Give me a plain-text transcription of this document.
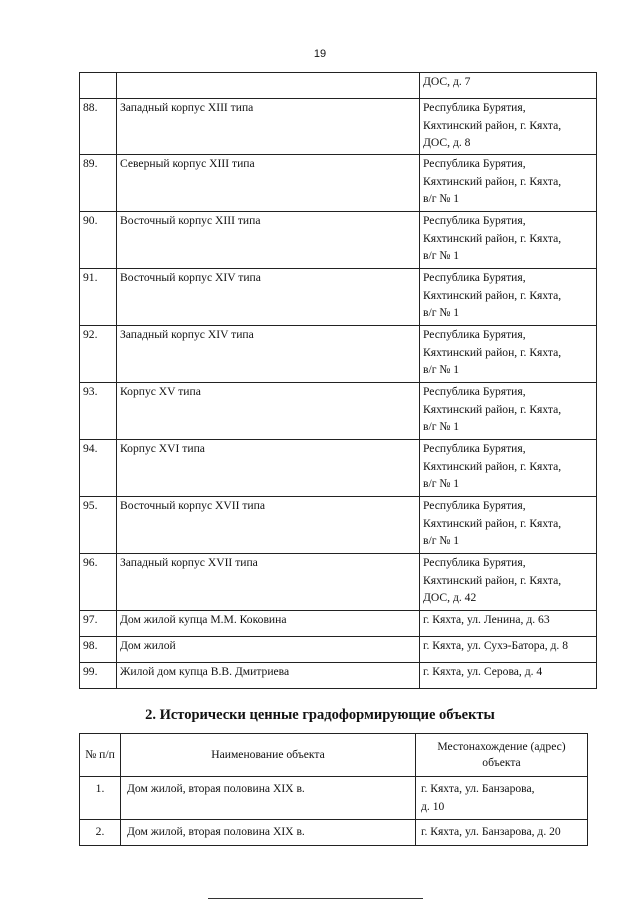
19

		ДОС, д. 7

88.	Западный корпус XIII типа	Республика Бурятия,
Кяхтинский район, г. Кяхта,
ДОС, д. 8

89.	Северный корпус XIII типа	Республика Бурятия,
Кяхтинский район, г. Кяхта,
в/г № 1

90.	Восточный корпус XIII типа	Республика Бурятия,
Кяхтинский район, г. Кяхта,
в/г № 1

91.	Восточный корпус XIV типа	Республика Бурятия,
Кяхтинский район, г. Кяхта,
в/г № 1

92.	Западный корпус XIV типа	Республика Бурятия,
Кяхтинский район, г. Кяхта,
в/г № 1

93.	Корпус XV типа	Республика Бурятия,
Кяхтинский район, г. Кяхта,
в/г № 1

94.	Корпус XVI типа	Республика Бурятия,
Кяхтинский район, г. Кяхта,
в/г № 1

95.	Восточный корпус XVII типа	Республика Бурятия,
Кяхтинский район, г. Кяхта,
в/г № 1

96.	Западный корпус XVII типа	Республика Бурятия,
Кяхтинский район, г. Кяхта,
ДОС, д. 42

97.	Дом жилой купца М.М. Коковина	г. Кяхта, ул. Ленина, д. 63

98.	Дом жилой	г. Кяхта, ул. Сухэ-Батора, д. 8

99.	Жилой дом купца В.В. Дмитриева	г. Кяхта, ул. Серова, д. 4
2. Исторически ценные градоформирующие объекты
№ п/п	Наименование объекта	Местонахождение (адрес)
объекта

1.	Дом жилой, вторая половина XIX в.	г. Кяхта, ул. Банзарова,
д. 10

2.	Дом жилой, вторая половина XIX в.	г. Кяхта, ул. Банзарова, д. 20
